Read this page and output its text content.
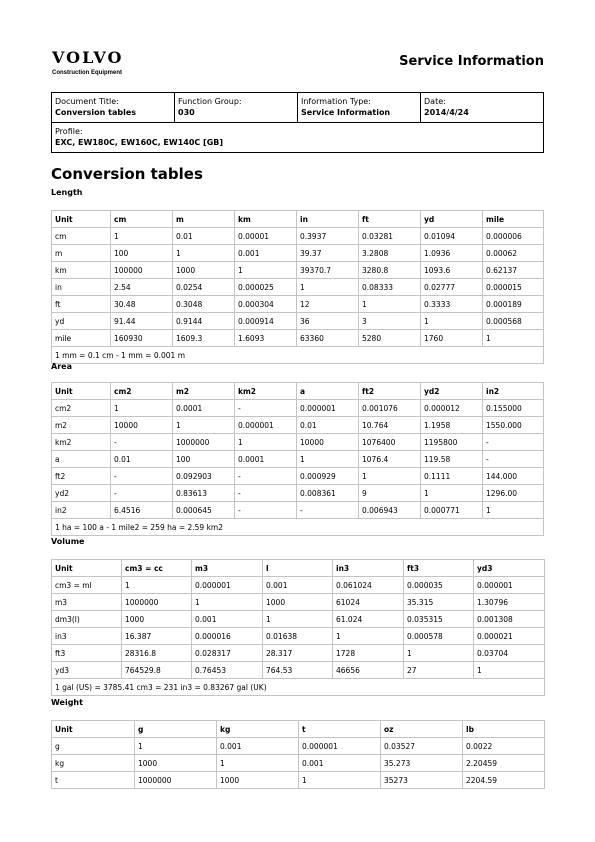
VOLVO
Construction Equipment
Service Information
Document Title:
Conversion tables
Function Group:
030
Information Type:
Service Information
Date:
2014/4/24
Profile:
EXC, EW180C, EW160C, EW140C [GB]
Conversion tables
Length
Unit	cm	m	km	in	ft	yd	mile
cm	1	0.01	0.00001	0.3937	0.03281	0.01094	0.000006
m	100	1	0.001	39.37	3.2808	1.0936	0.00062
km	100000	1000	1	39370.7	3280.8	1093.6	0.62137
in	2.54	0.0254	0.000025	1	0.08333	0.02777	0.000015
ft	30.48	0.3048	0.000304	12	1	0.3333	0.000189
yd	91.44	0.9144	0.000914	36	3	1	0.000568
mile	160930	1609.3	1.6093	63360	5280	1760	1
1 mm = 0.1 cm - 1 mm = 0.001 m							
Area
Unit	cm2	m2	km2	a	ft2	yd2	in2
cm2	1	0.0001	-	0.000001	0.001076	0.000012	0.155000
m2	10000	1	0.000001	0.01	10.764	1.1958	1550.000
km2	-	1000000	1	10000	1076400	1195800	-
a	0.01	100	0.0001	1	1076.4	119.58	-
ft2	-	0.092903	-	0.000929	1	0.1111	144.000
yd2	-	0.83613	-	0.008361	9	1	1296.00
in2	6.4516	0.000645	-	-	0.006943	0.000771	1
1 ha = 100 a - 1 mile2 = 259 ha = 2.59 km2							
Volume
Unit	cm3 = cc	m3	l	in3	ft3	yd3
cm3 = ml	1	0.000001	0.001	0.061024	0.000035	0.000001
m3	1000000	1	1000	61024	35.315	1.30796
dm3(l)	1000	0.001	1	61.024	0.035315	0.001308
in3	16.387	0.000016	0.01638	1	0.000578	0.000021
ft3	28316.8	0.028317	28.317	1728	1	0.03704
yd3	764529.8	0.76453	764.53	46656	27	1
1 gal (US) = 3785.41 cm3 = 231 in3 = 0.83267 gal (UK)						
Weight
Unit	g	kg	t	oz	lb
g	1	0.001	0.000001	0.03527	0.0022
kg	1000	1	0.001	35.273	2.20459
t	1000000	1000	1	35273	2204.59
